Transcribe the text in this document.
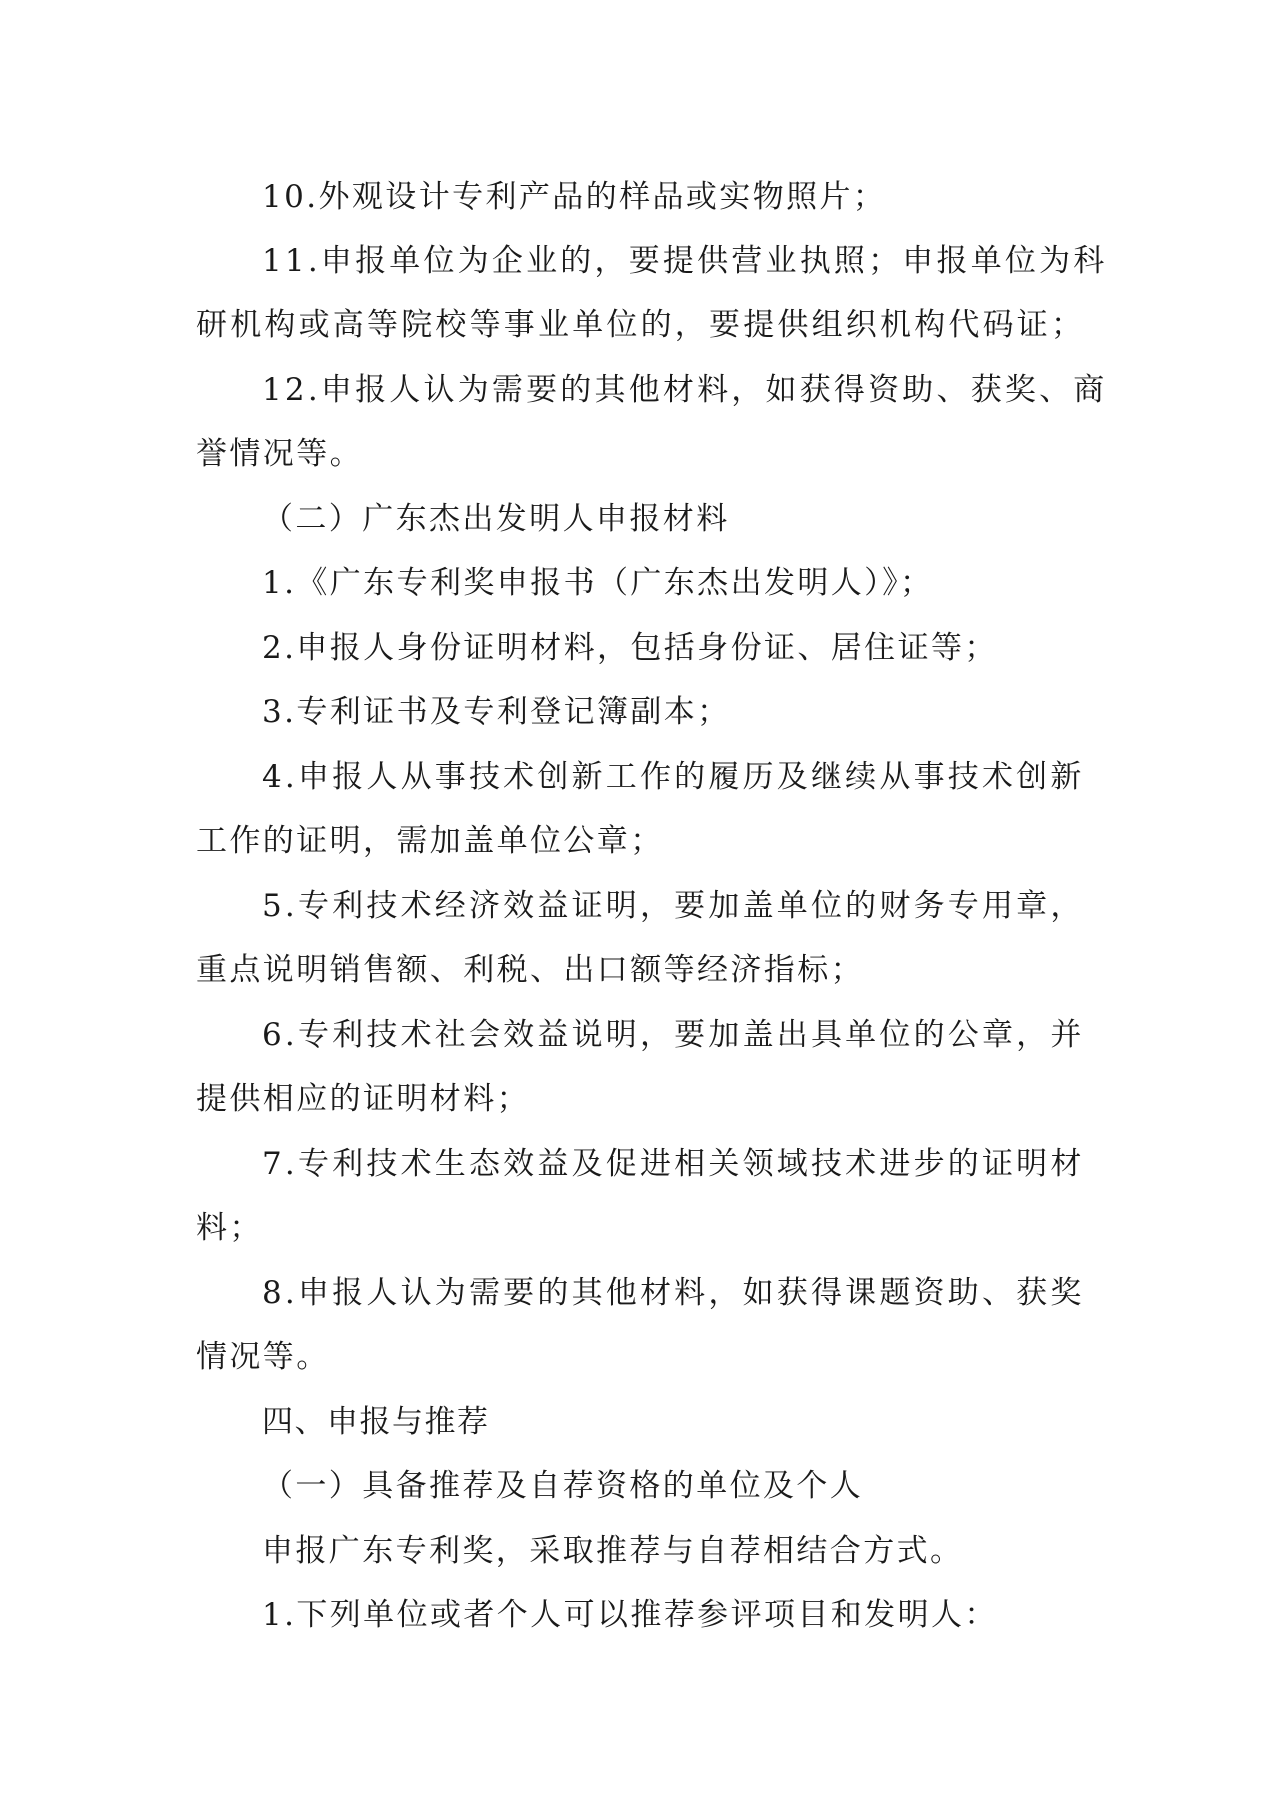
10.外观设计专利产品的样品或实物照片；
11.申报单位为企业的，要提供营业执照；申报单位为科
研机构或高等院校等事业单位的，要提供组织机构代码证；
12.申报人认为需要的其他材料，如获得资助、获奖、商
誉情况等。
（二）广东杰出发明人申报材料
1.《广东专利奖申报书（广东杰出发明人）》；
2.申报人身份证明材料，包括身份证、居住证等；
3.专利证书及专利登记簿副本；
4.申报人从事技术创新工作的履历及继续从事技术创新
工作的证明，需加盖单位公章；
5.专利技术经济效益证明，要加盖单位的财务专用章，
重点说明销售额、利税、出口额等经济指标；
6.专利技术社会效益说明，要加盖出具单位的公章，并
提供相应的证明材料；
7.专利技术生态效益及促进相关领域技术进步的证明材
料；
8.申报人认为需要的其他材料，如获得课题资助、获奖
情况等。
四、申报与推荐
（一）具备推荐及自荐资格的单位及个人
申报广东专利奖，采取推荐与自荐相结合方式。
1.下列单位或者个人可以推荐参评项目和发明人：
